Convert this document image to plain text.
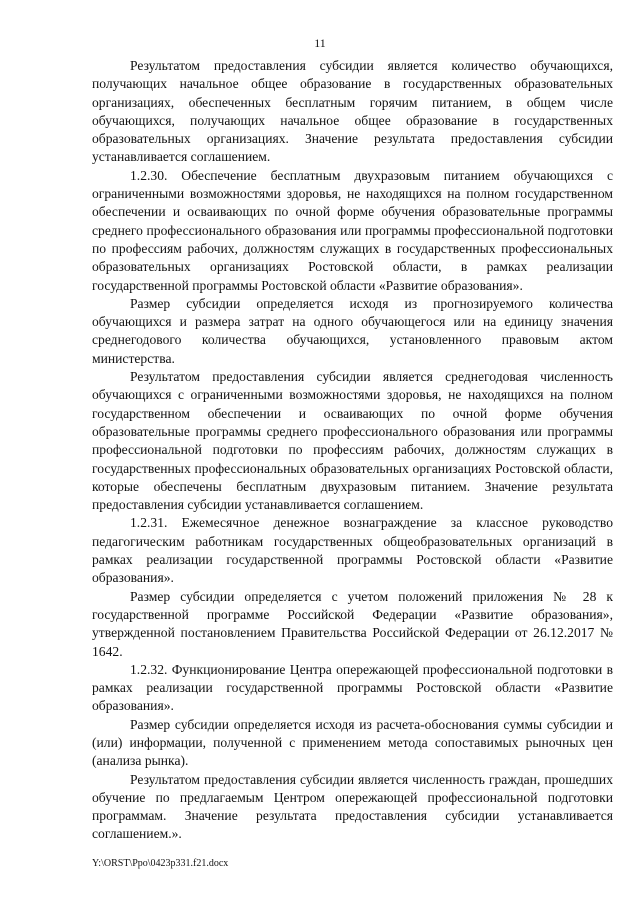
11

Результатом предоставления субсидии является количество обучающихся, получающих начальное общее образование в государственных образовательных организациях, обеспеченных бесплатным горячим питанием, в общем числе обучающихся, получающих начальное общее образование в государственных образовательных организациях. Значение результата предоставления субсидии устанавливается соглашением.

1.2.30. Обеспечение бесплатным двухразовым питанием обучающихся с ограниченными возможностями здоровья, не находящихся на полном государственном обеспечении и осваивающих по очной форме обучения образовательные программы среднего профессионального образования или программы профессиональной подготовки по профессиям рабочих, должностям служащих в государственных профессиональных образовательных организациях Ростовской области, в рамках реализации государственной программы Ростовской области «Развитие образования».

Размер субсидии определяется исходя из прогнозируемого количества обучающихся и размера затрат на одного обучающегося или на единицу значения среднегодового количества обучающихся, установленного правовым актом министерства.

Результатом предоставления субсидии является среднегодовая численность обучающихся с ограниченными возможностями здоровья, не находящихся на полном государственном обеспечении и осваивающих по очной форме обучения образовательные программы среднего профессионального образования или программы профессиональной подготовки по профессиям рабочих, должностям служащих в государственных профессиональных образовательных организациях Ростовской области, которые обеспечены бесплатным двухразовым питанием. Значение результата предоставления субсидии устанавливается соглашением.

1.2.31. Ежемесячное денежное вознаграждение за классное руководство педагогическим работникам государственных общеобразовательных организаций в рамках реализации государственной программы Ростовской области «Развитие образования».

Размер субсидии определяется с учетом положений приложения № 28 к государственной программе Российской Федерации «Развитие образования», утвержденной постановлением Правительства Российской Федерации от 26.12.2017 № 1642.

1.2.32. Функционирование Центра опережающей профессиональной подготовки в рамках реализации государственной программы Ростовской области «Развитие образования».

Размер субсидии определяется исходя из расчета-обоснования суммы субсидии и (или) информации, полученной с применением метода сопоставимых рыночных цен (анализа рынка).

Результатом предоставления субсидии является численность граждан, прошедших обучение по предлагаемым Центром опережающей профессиональной подготовки программам. Значение результата предоставления субсидии устанавливается соглашением.».

Y:\ORST\Ppo\0423p331.f21.docx
